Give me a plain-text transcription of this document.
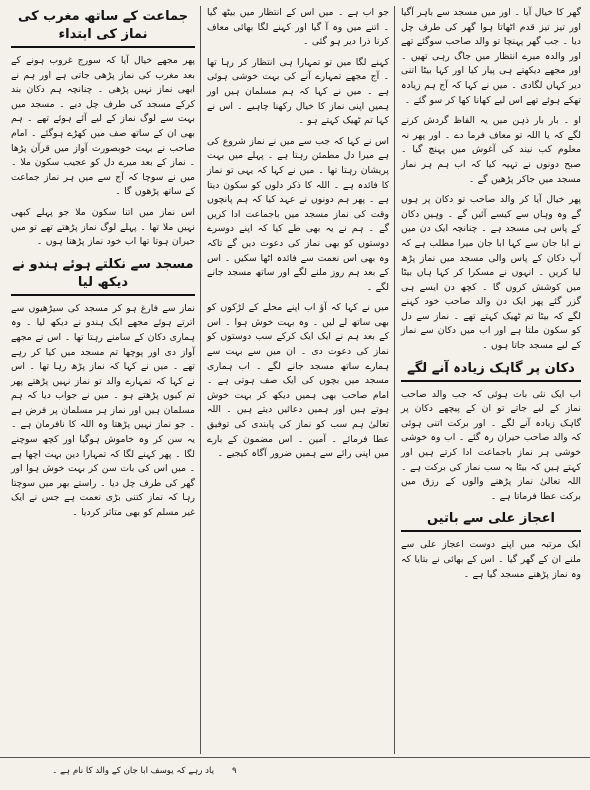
گھر کا خیال آیا ۔ اور میں مسجد سے باہر آگیا اور تیز تیز قدم اٹھاتا ہوا گھر کی طرف چل دیا ۔ جب گھر پہنچا تو والد صاحب سوگئے تھے اور والدہ میرے انتظار میں جاگ رہی تھیں ۔ اور مجھے دیکھتے ہی پیار کیا اور کہا بیٹا اتنی دیر کہاں لگادی ۔ میں نے کہا کہ آج ہم زیادہ تھکے ہوئے تھے اس لیے کھانا کھا کر سو گئے ۔

او ۔ بار بار ذہن میں یہ الفاظ گردش کرنے لگے کہ یا اللہ تو معاف فرما دے ۔ اور پھر نہ معلوم کب نیند کی آغوش میں پہنچ گیا ۔ صبح دونوں نے تہیہ کیا کہ اب ہم ہر نماز مسجد میں جاکر پڑھیں گے ۔

پھر خیال آیا کر والد صاحب تو دکان پر ہوں گے وہ وہاں سے کیسے آئیں گے ۔ وہیں دکان کے پاس ہی مسجد ہے ۔ چنانچہ ایک دن میں نے ابا جان سے کہا ابا جان میرا مطلب ہے کہ آپ دکان کے پاس والی مسجد میں نماز پڑھ لیا کریں ۔ انہوں نے مسکرا کر کہا ہاں بیٹا میں کوشش کروں گا ۔ کچھ دن ایسے ہی گزر گئے پھر ایک دن والد صاحب خود کہنے لگے کہ بیٹا تم ٹھیک کہتے تھے ۔ نماز سے دل کو سکون ملتا ہے اور اب میں دکان سے نماز کے لیے مسجد جاتا ہوں ۔

دکان پر گاہک زیادہ آنے لگے

اب ایک نئی بات ہوئی کہ جب والد صاحب نماز کے لیے جاتے تو ان کے پیچھے دکان پر گاہک زیادہ آنے لگے ۔ اور برکت اتنی ہوئی کہ والد صاحب حیران رہ گئے ۔ اب وہ خوشی خوشی ہر نماز باجماعت ادا کرتے ہیں اور کہتے ہیں کہ بیٹا یہ سب نماز کی برکت ہے ۔ اللہ تعالیٰ نماز پڑھنے والوں کے رزق میں برکت عطا فرماتا ہے ۔

اعجاز علی سے باتیں

ایک مرتبہ میں اپنے دوست اعجاز علی سے ملنے ان کے گھر گیا ۔ اس کے بھائی نے بتایا کہ وہ نماز پڑھنے مسجد گیا ہے ۔

جو اب ہے ۔ میں اس کے انتظار میں بیٹھ گیا ۔ اتنے میں وہ آ گیا اور کہنے لگا بھائی معاف کرنا ذرا دیر ہو گئی ۔

کہنے لگا میں تو تمہارا ہی انتظار کر رہا تھا ۔ آج مجھے تمہارے آنے کی بہت خوشی ہوئی ہے ۔ میں نے کہا کہ ہم مسلمان ہیں اور ہمیں اپنی نماز کا خیال رکھنا چاہیے ۔ اس نے کہا تم ٹھیک کہتے ہو ۔

اس نے کہا کہ جب سے میں نے نماز شروع کی ہے میرا دل مطمئن رہتا ہے ۔ پہلے میں بہت پریشان رہتا تھا ۔ میں نے کہا کہ یہی تو نماز کا فائدہ ہے ۔ اللہ کا ذکر دلوں کو سکون دیتا ہے ۔ پھر ہم دونوں نے عہد کیا کہ ہم پانچوں وقت کی نماز مسجد میں باجماعت ادا کریں گے ۔ ہم نے یہ بھی طے کیا کہ اپنے دوسرے دوستوں کو بھی نماز کی دعوت دیں گے تاکہ وہ بھی اس نعمت سے فائدہ اٹھا سکیں ۔ اس کے بعد ہم روز ملنے لگے اور ساتھ مسجد جانے لگے ۔

میں نے کہا کہ آؤ اب اپنے محلے کے لڑکوں کو بھی ساتھ لے لیں ۔ وہ بہت خوش ہوا ۔ اس کے بعد ہم نے ایک ایک کرکے سب دوستوں کو نماز کی دعوت دی ۔ ان میں سے بہت سے ہمارے ساتھ مسجد جانے لگے ۔ اب ہماری مسجد میں بچوں کی ایک صف ہوتی ہے ۔ امام صاحب بھی ہمیں دیکھ کر بہت خوش ہوتے ہیں اور ہمیں دعائیں دیتے ہیں ۔ اللہ تعالیٰ ہم سب کو نماز کی پابندی کی توفیق عطا فرمائے ۔ آمین ۔ اس مضمون کے بارے میں اپنی رائے سے ہمیں ضرور آگاہ کیجیے ۔

جماعت کے ساتھ مغرب کی نماز کی ابتداء

پھر مجھے خیال آیا کہ سورج غروب ہونے کے بعد مغرب کی نماز پڑھی جاتی ہے اور ہم نے ابھی نماز نہیں پڑھی ۔ چنانچہ ہم دکان بند کرکے مسجد کی طرف چل دیے ۔ مسجد میں بہت سے لوگ نماز کے لیے آئے ہوئے تھے ۔ ہم بھی ان کے ساتھ صف میں کھڑے ہوگئے ۔ امام صاحب نے بہت خوبصورت آواز میں قرآن پڑھا ۔ نماز کے بعد میرے دل کو عجیب سکون ملا ۔ میں نے سوچا کہ آج سے میں ہر نماز جماعت کے ساتھ پڑھوں گا ۔

اس نماز میں اتنا سکون ملا جو پہلے کبھی نہیں ملا تھا ۔ پہلے لوگ نماز پڑھتے تھے تو میں حیران ہوتا تھا اب خود نماز پڑھتا ہوں ۔

مسجد سے نکلتے ہوئے ہندو نے دیکھ لیا

نماز سے فارغ ہو کر مسجد کی سیڑھیوں سے اترتے ہوئے مجھے ایک ہندو نے دیکھ لیا ۔ وہ ہماری دکان کے سامنے رہتا تھا ۔ اس نے مجھے آواز دی اور پوچھا تم مسجد میں کیا کر رہے تھے ۔ میں نے کہا کہ نماز پڑھ رہا تھا ۔ اس نے کہا کہ تمہارے والد تو نماز نہیں پڑھتے پھر تم کیوں پڑھتے ہو ۔ میں نے جواب دیا کہ ہم مسلمان ہیں اور نماز ہر مسلمان پر فرض ہے ۔ جو نماز نہیں پڑھتا وہ اللہ کا نافرمان ہے ۔ یہ سن کر وہ خاموش ہوگیا اور کچھ سوچنے لگا ۔ پھر کہنے لگا کہ تمہارا دین بہت اچھا ہے ۔ میں اس کی بات سن کر بہت خوش ہوا اور گھر کی طرف چل دیا ۔ راستے بھر میں سوچتا رہا کہ نماز کتنی بڑی نعمت ہے جس نے ایک غیر مسلم کو بھی متاثر کردیا ۔

یاد رہے کہ یوسف ابا جان کے والد کا نام ہے ۔ ۹
